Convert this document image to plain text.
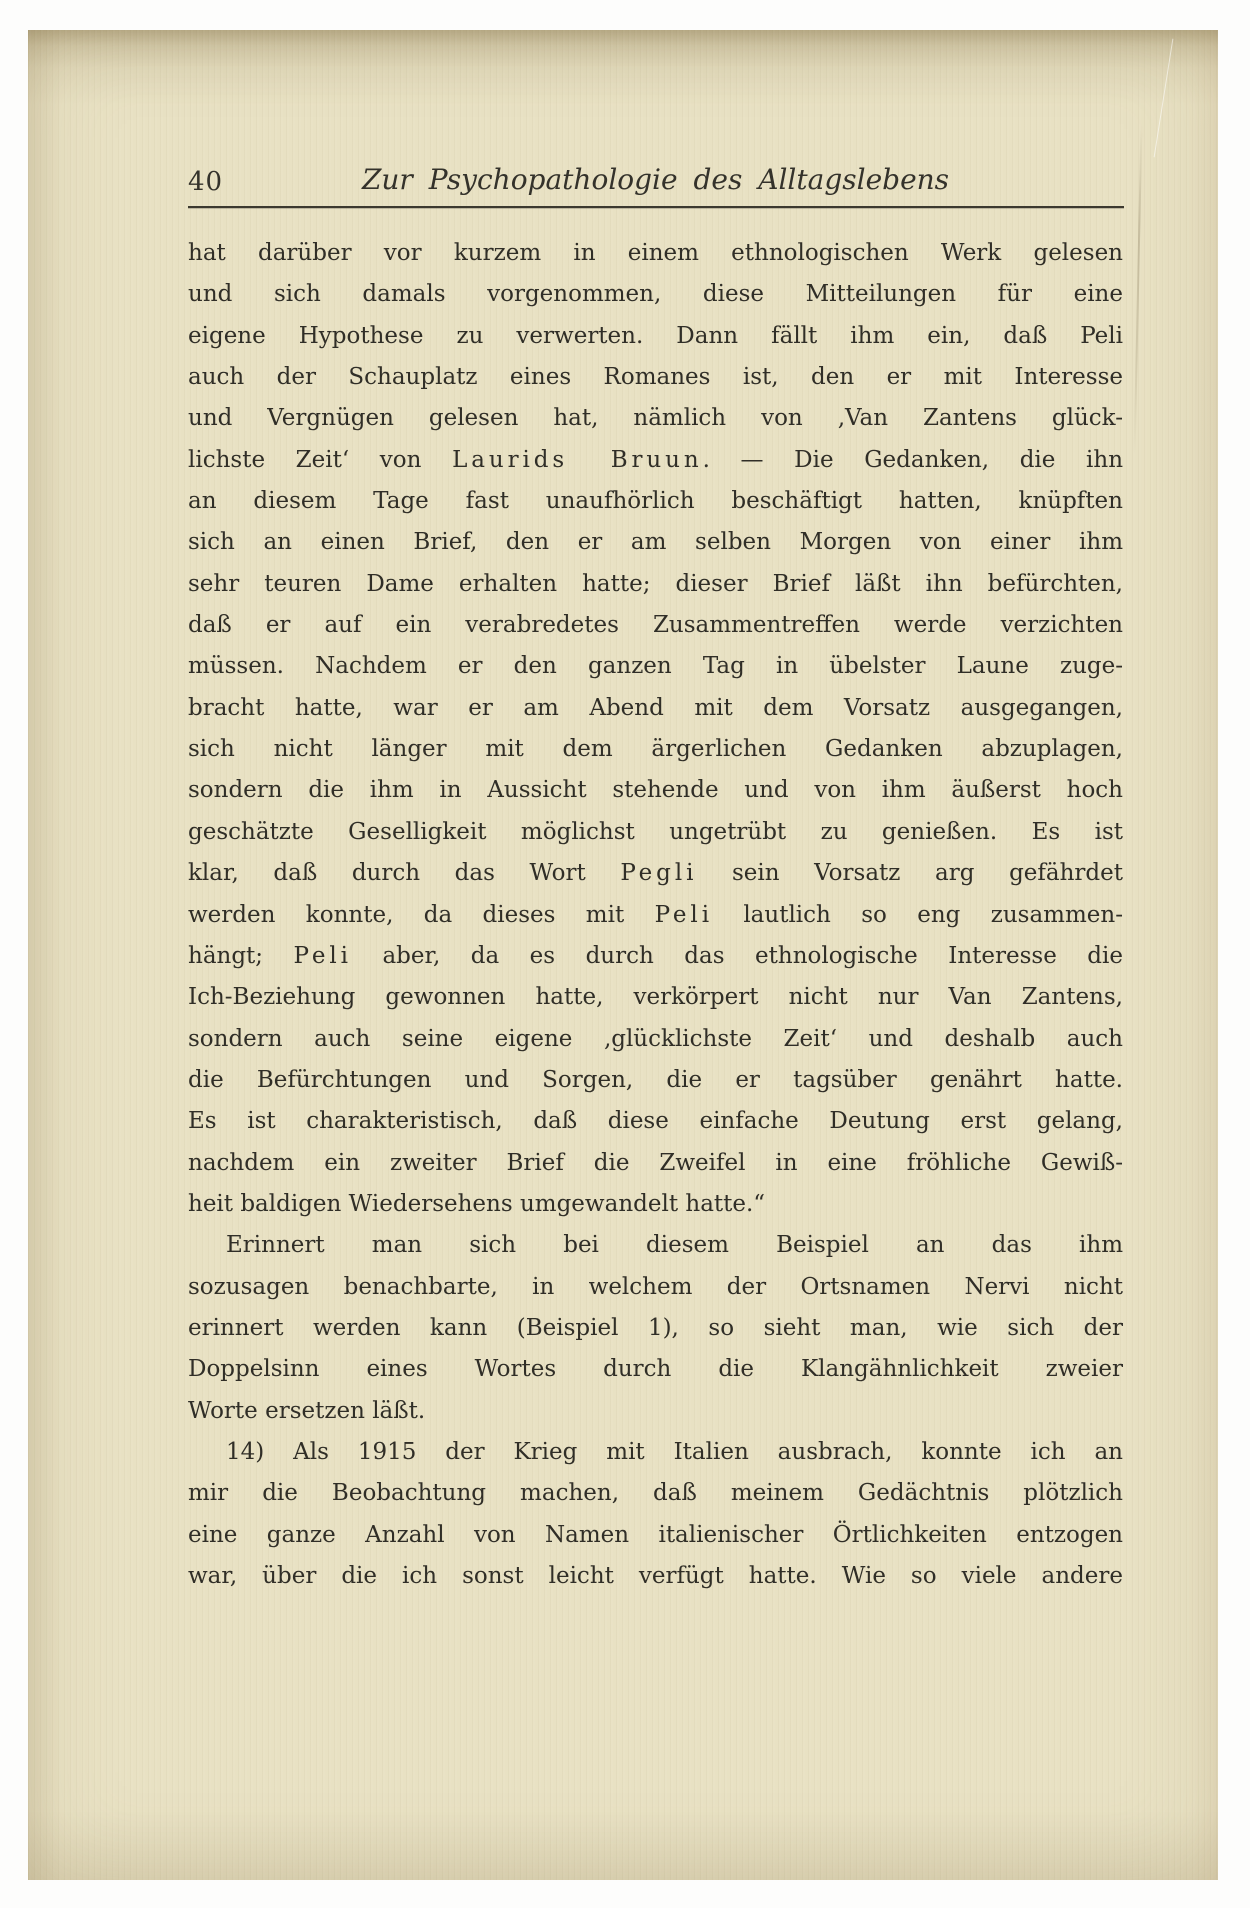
40	Zur Psychopathologie des Alltagslebens
hat darüber vor kurzem in einem ethnologischen Werk gelesen
und sich damals vorgenommen, diese Mitteilungen für eine
eigene Hypothese zu verwerten. Dann fällt ihm ein, daß Peli
auch der Schauplatz eines Romanes ist, den er mit Interesse
und Vergnügen gelesen hat, nämlich von ‚Van Zantens glück-
lichste Zeit‘ von Laurids Bruun. — Die Gedanken, die ihn
an diesem Tage fast unaufhörlich beschäftigt hatten, knüpften
sich an einen Brief, den er am selben Morgen von einer ihm
sehr teuren Dame erhalten hatte; dieser Brief läßt ihn befürchten,
daß er auf ein verabredetes Zusammentreffen werde verzichten
müssen. Nachdem er den ganzen Tag in übelster Laune zuge-
bracht hatte, war er am Abend mit dem Vorsatz ausgegangen,
sich nicht länger mit dem ärgerlichen Gedanken abzuplagen,
sondern die ihm in Aussicht stehende und von ihm äußerst hoch
geschätzte Geselligkeit möglichst ungetrübt zu genießen. Es ist
klar, daß durch das Wort Pegli sein Vorsatz arg gefährdet
werden konnte, da dieses mit Peli lautlich so eng zusammen-
hängt; Peli aber, da es durch das ethnologische Interesse die
Ich-Beziehung gewonnen hatte, verkörpert nicht nur Van Zantens,
sondern auch seine eigene ‚glücklichste Zeit‘ und deshalb auch
die Befürchtungen und Sorgen, die er tagsüber genährt hatte.
Es ist charakteristisch, daß diese einfache Deutung erst gelang,
nachdem ein zweiter Brief die Zweifel in eine fröhliche Gewiß-
heit baldigen Wiedersehens umgewandelt hatte.“
Erinnert man sich bei diesem Beispiel an das ihm
sozusagen benachbarte, in welchem der Ortsnamen Nervi nicht
erinnert werden kann (Beispiel 1), so sieht man, wie sich der
Doppelsinn eines Wortes durch die Klangähnlichkeit zweier
Worte ersetzen läßt.
14) Als 1915 der Krieg mit Italien ausbrach, konnte ich an
mir die Beobachtung machen, daß meinem Gedächtnis plötzlich
eine ganze Anzahl von Namen italienischer Örtlichkeiten entzogen
war, über die ich sonst leicht verfügt hatte. Wie so viele andere
